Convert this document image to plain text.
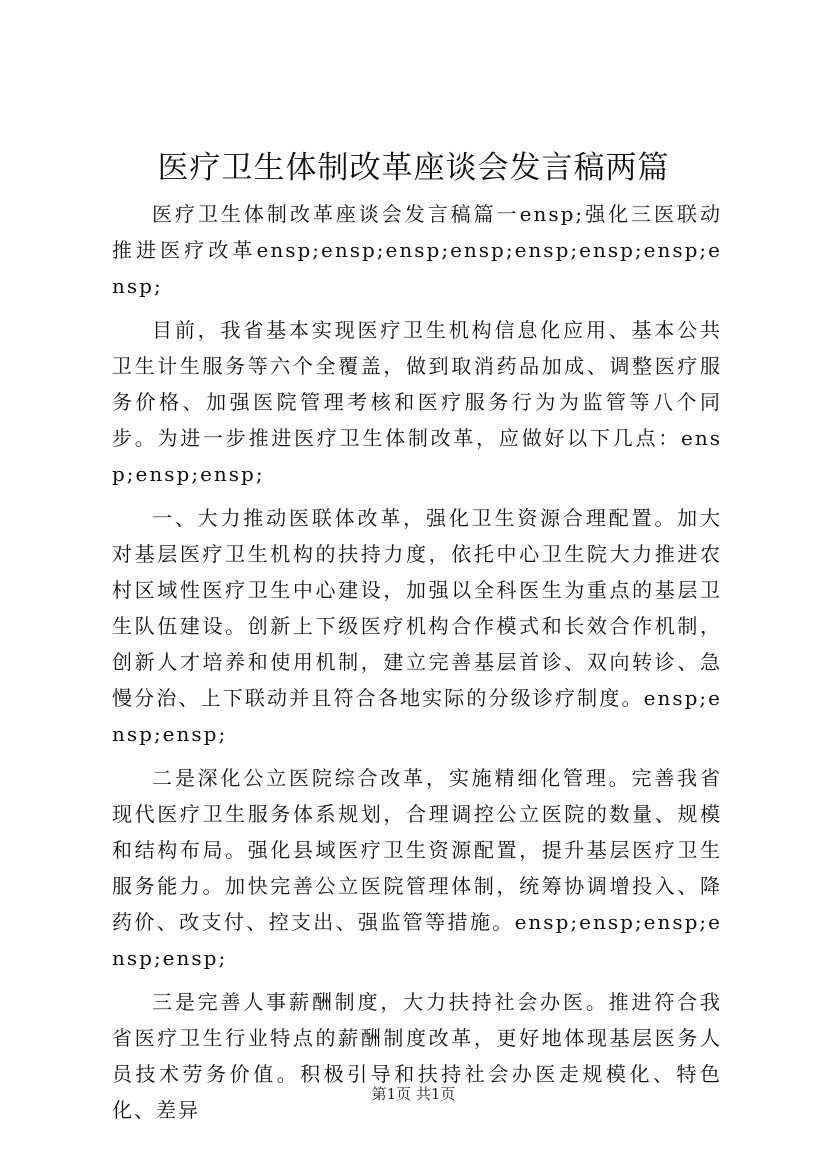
医疗卫生体制改革座谈会发言稿两篇

医疗卫生体制改革座谈会发言稿篇一ensp;强化三医联动推进医疗改革ensp;ensp;ensp;ensp;ensp;ensp;ensp;ensp;

目前，我省基本实现医疗卫生机构信息化应用、基本公共卫生计生服务等六个全覆盖，做到取消药品加成、调整医疗服务价格、加强医院管理考核和医疗服务行为为监管等八个同步。为进一步推进医疗卫生体制改革，应做好以下几点：ensp;ensp;ensp;

一、大力推动医联体改革，强化卫生资源合理配置。加大对基层医疗卫生机构的扶持力度，依托中心卫生院大力推进农村区域性医疗卫生中心建设，加强以全科医生为重点的基层卫生队伍建设。创新上下级医疗机构合作模式和长效合作机制，创新人才培养和使用机制，建立完善基层首诊、双向转诊、急慢分治、上下联动并且符合各地实际的分级诊疗制度。ensp;ensp;ensp;

二是深化公立医院综合改革，实施精细化管理。完善我省现代医疗卫生服务体系规划，合理调控公立医院的数量、规模和结构布局。强化县域医疗卫生资源配置，提升基层医疗卫生服务能力。加快完善公立医院管理体制，统筹协调增投入、降药价、改支付、控支出、强监管等措施。ensp;ensp;ensp;ensp;ensp;

三是完善人事薪酬制度，大力扶持社会办医。推进符合我省医疗卫生行业特点的薪酬制度改革，更好地体现基层医务人员技术劳务价值。积极引导和扶持社会办医走规模化、特色化、差异

第1页 共1页
